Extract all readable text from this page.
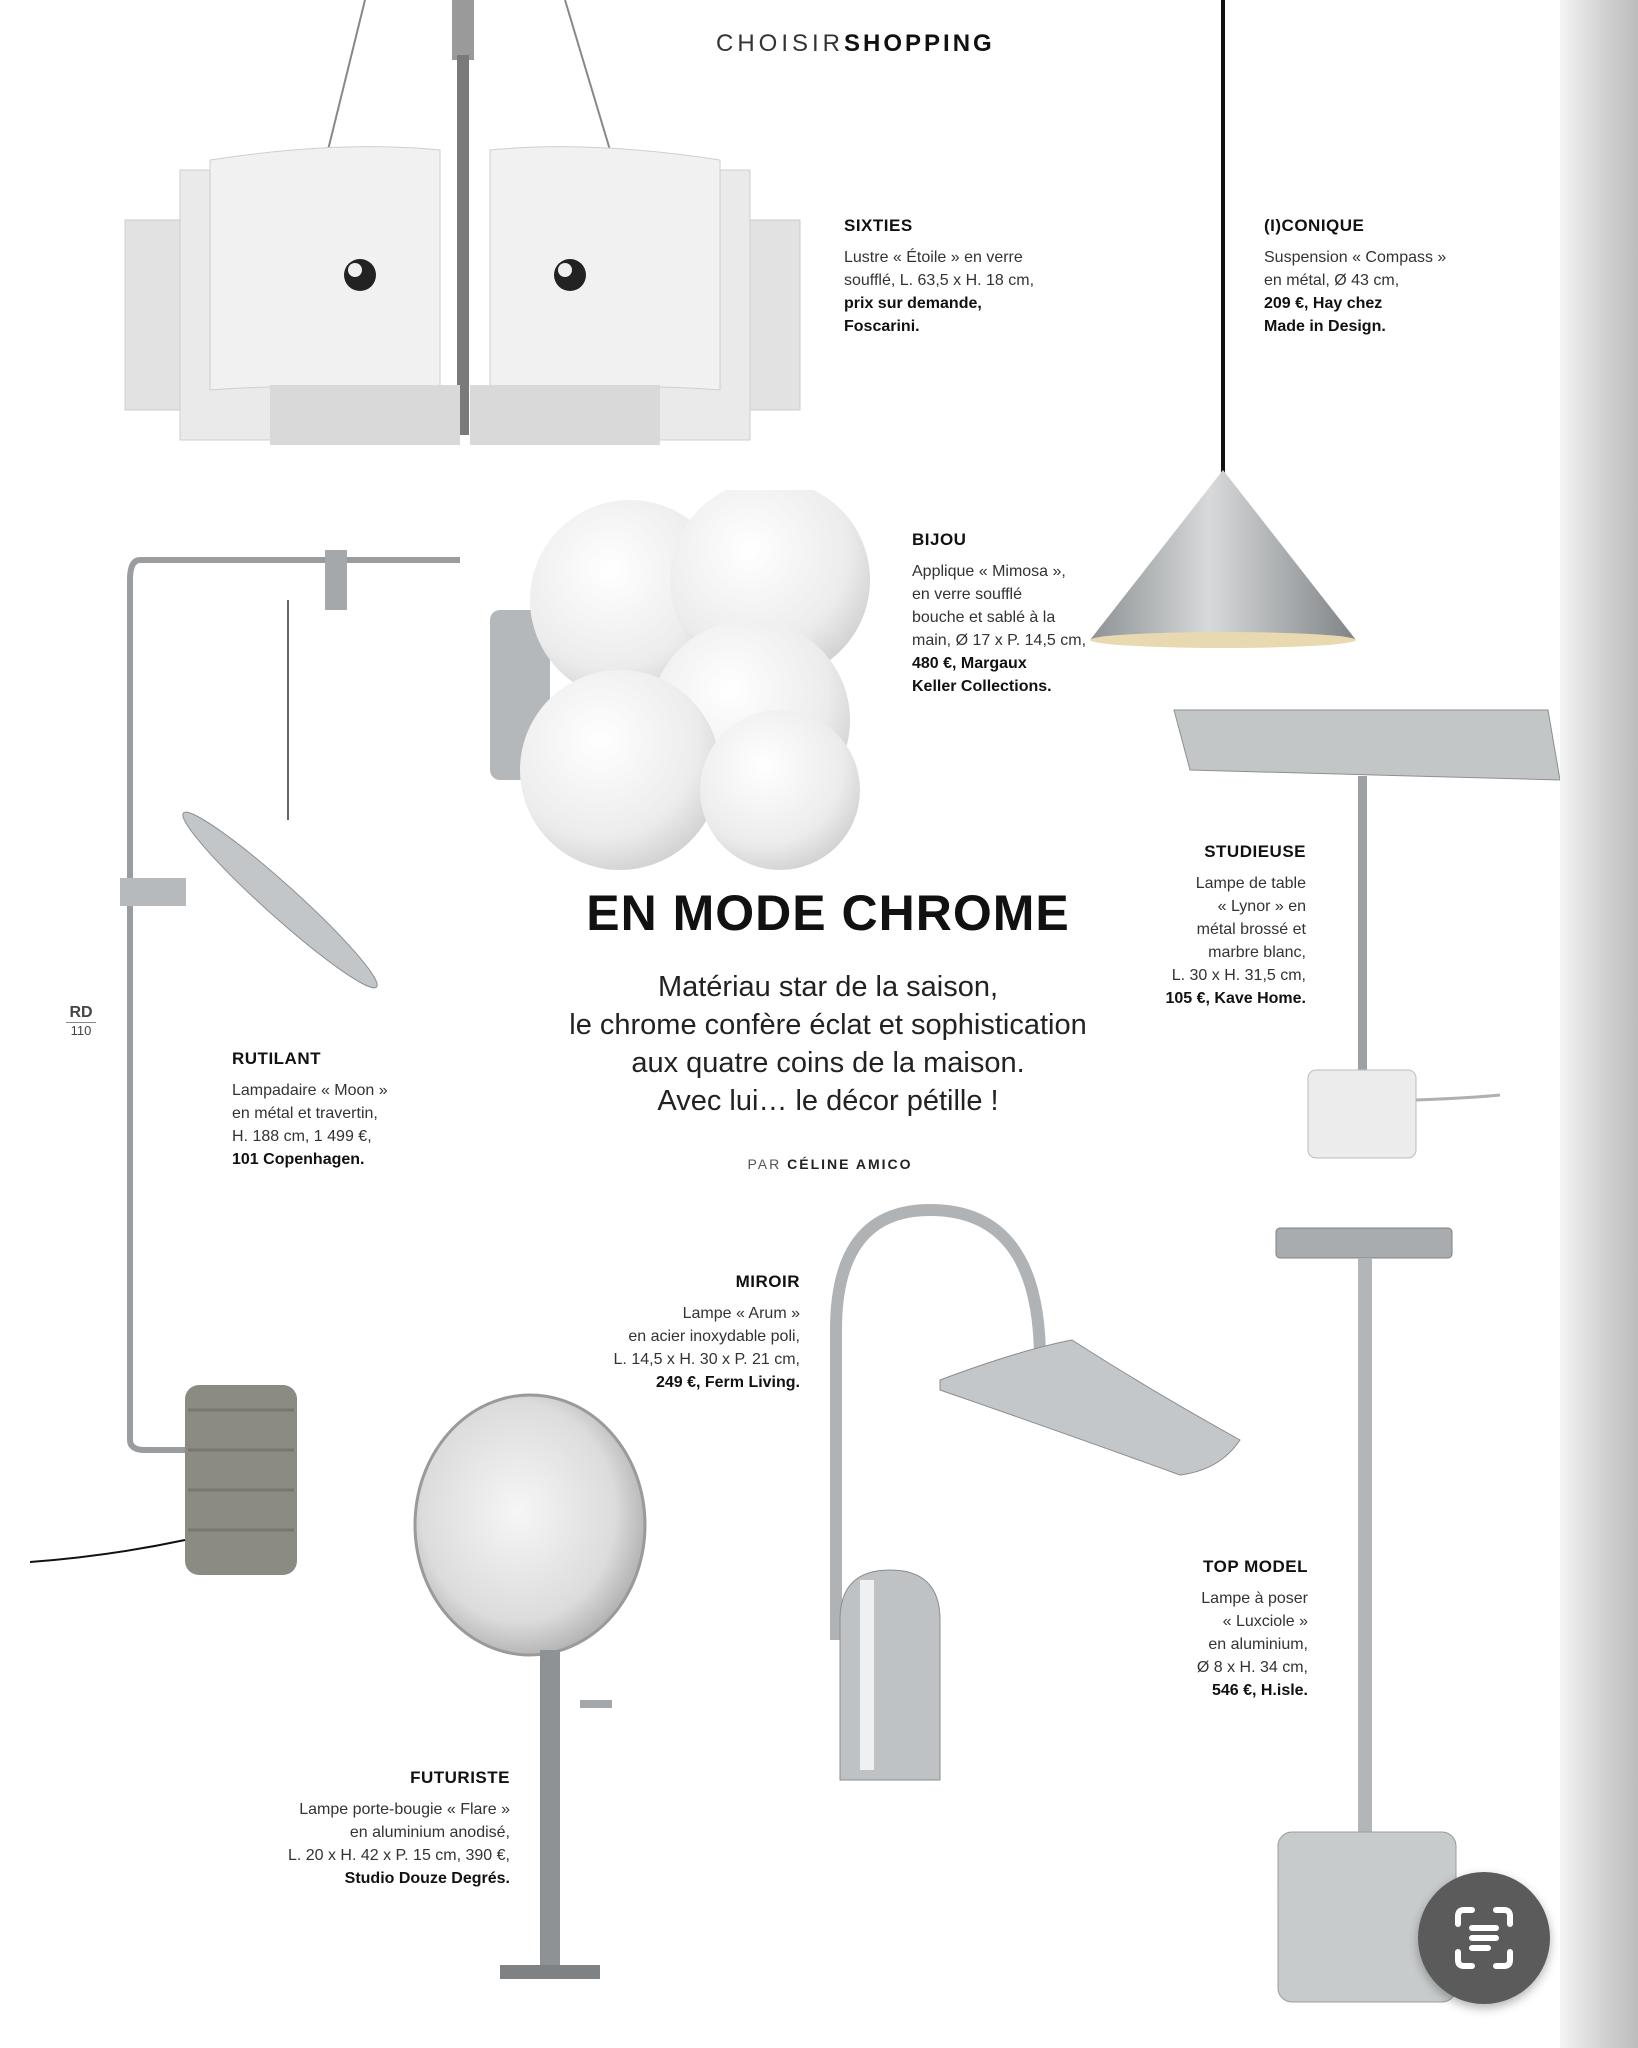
CHOISIRSHOPPING
SIXTIES
Lustre « Étoile » en verre
soufflé, L. 63,5 x H. 18 cm,
prix sur demande,
Foscarini.
(I)CONIQUE
Suspension « Compass »
en métal, Ø 43 cm,
209 €, Hay chez
Made in Design.
BIJOU
Applique « Mimosa »,
en verre soufflé
bouche et sablé à la
main, Ø 17 x P. 14,5 cm,
480 €, Margaux
Keller Collections.
STUDIEUSE
Lampe de table
« Lynor » en
métal brossé et
marbre blanc,
L. 30 x H. 31,5 cm,
105 €, Kave Home.
RUTILANT
Lampadaire « Moon »
en métal et travertin,
H. 188 cm, 1 499 €,
101 Copenhagen.
RD
110
EN MODE CHROME
Matériau star de la saison,
le chrome confère éclat et sophistication
aux quatre coins de la maison.
Avec lui… le décor pétille !
PAR CÉLINE AMICO
MIROIR
Lampe « Arum »
en acier inoxydable poli,
L. 14,5 x H. 30 x P. 21 cm,
249 €, Ferm Living.
FUTURISTE
Lampe porte-bougie « Flare »
en aluminium anodisé,
L. 20 x H. 42 x P. 15 cm, 390 €,
Studio Douze Degrés.
TOP MODEL
Lampe à poser
« Luxciole »
en aluminium,
Ø 8 x H. 34 cm,
546 €, H.isle.
